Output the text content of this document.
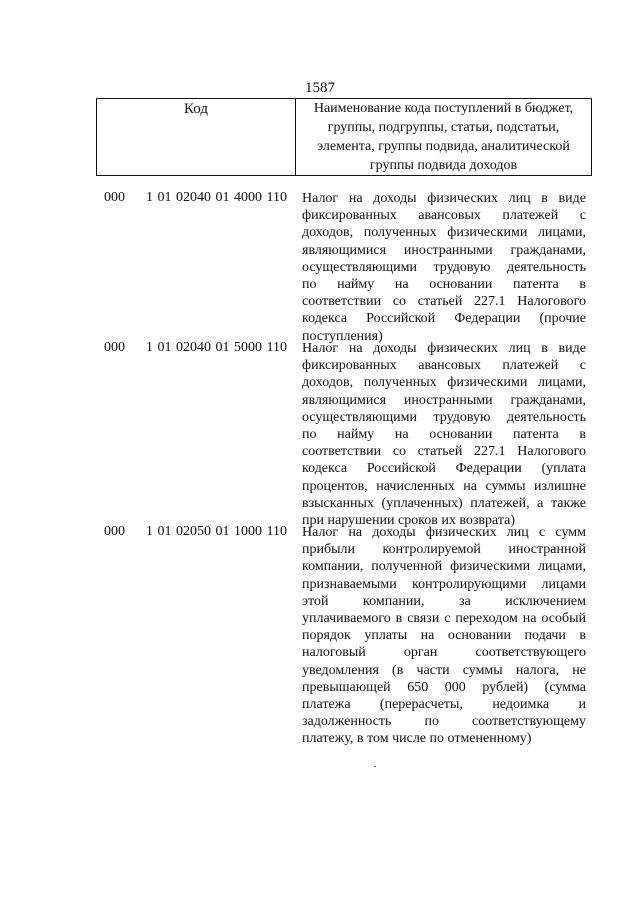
1587
Код	Наименование кода поступлений в бюджет,
группы, подгруппы, статьи, подстатьи,
элемента, группы подвида, аналитической
группы подвида доходов
000 1 01 02040 01 4000 110 Налог на доходы физических лиц в виде
фиксированных авансовых платежей с
доходов, полученных физическими лицами,
являющимися иностранными гражданами,
осуществляющими трудовую деятельность
по найму на основании патента в
соответствии со статьей 227.1 Налогового
кодекса Российской Федерации (прочие
поступления)
000 1 01 02040 01 5000 110 Налог на доходы физических лиц в виде
фиксированных авансовых платежей с
доходов, полученных физическими лицами,
являющимися иностранными гражданами,
осуществляющими трудовую деятельность
по найму на основании патента в
соответствии со статьей 227.1 Налогового
кодекса Российской Федерации (уплата
процентов, начисленных на суммы излишне
взысканных (уплаченных) платежей, а также
при нарушении сроков их возврата)
000 1 01 02050 01 1000 110 Налог на доходы физических лиц с сумм
прибыли контролируемой иностранной
компании, полученной физическими лицами,
признаваемыми контролирующими лицами
этой компании, за исключением
уплачиваемого в связи с переходом на особый
порядок уплаты на основании подачи в
налоговый орган соответствующего
уведомления (в части суммы налога, не
превышающей 650 000 рублей) (сумма
платежа (перерасчеты, недоимка и
задолженность по соответствующему
платежу, в том числе по отмененному)
